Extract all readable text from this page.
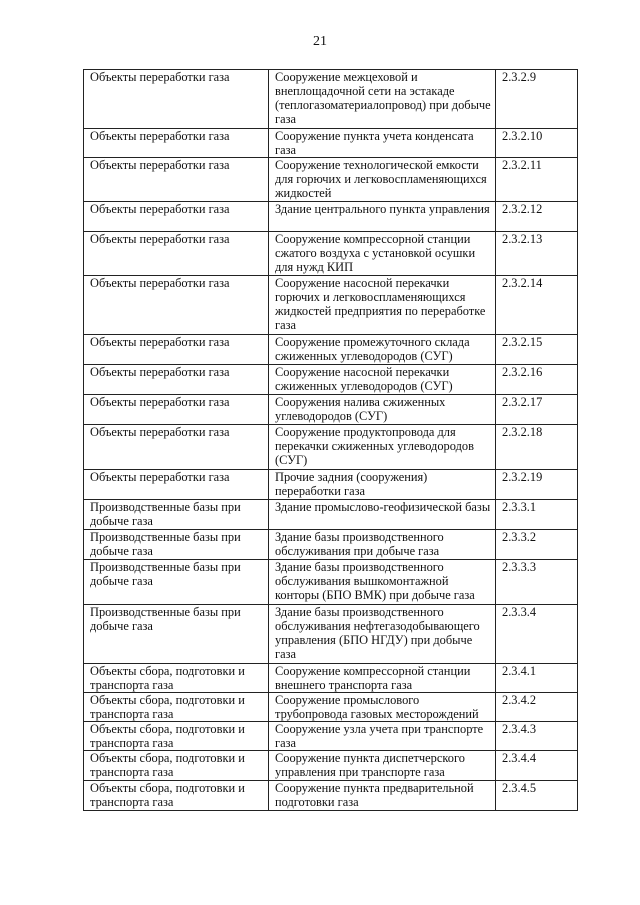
21
Объекты переработки газа	Сооружение межцеховой и внеплощадочной сети на эстакаде (теплогазоматериалопровод) при добыче газа	2.3.2.9
Объекты переработки газа	Сооружение пункта учета конденсата газа	2.3.2.10
Объекты переработки газа	Сооружение технологической емкости для горючих и легковоспламеняющихся жидкостей	2.3.2.11
Объекты переработки газа	Здание центрального пункта управления	2.3.2.12
Объекты переработки газа	Сооружение компрессорной станции сжатого воздуха с установкой осушки для нужд КИП	2.3.2.13
Объекты переработки газа	Сооружение насосной перекачки горючих и легковоспламеняющихся жидкостей предприятия по переработке газа	2.3.2.14
Объекты переработки газа	Сооружение промежуточного склада сжиженных углеводородов (СУГ)	2.3.2.15
Объекты переработки газа	Сооружение насосной перекачки сжиженных углеводородов (СУГ)	2.3.2.16
Объекты переработки газа	Сооружения налива сжиженных углеводородов (СУГ)	2.3.2.17
Объекты переработки газа	Сооружение продуктопровода для перекачки сжиженных углеводородов (СУГ)	2.3.2.18
Объекты переработки газа	Прочие задния (сооружения) переработки газа	2.3.2.19
Производственные базы при добыче газа	Здание промыслово-геофизической базы	2.3.3.1
Производственные базы при добыче газа	Здание базы производственного обслуживания при добыче газа	2.3.3.2
Производственные базы при добыче газа	Здание базы производственного обслуживания вышкомонтажной конторы (БПО ВМК) при добыче газа	2.3.3.3
Производственные базы при добыче газа	Здание базы производственного обслуживания нефтегазодобывающего управления (БПО НГДУ) при добыче газа	2.3.3.4
Объекты сбора, подготовки и транспорта газа	Сооружение компрессорной станции внешнего транспорта газа	2.3.4.1
Объекты сбора, подготовки и транспорта газа	Сооружение промыслового трубопровода газовых месторождений	2.3.4.2
Объекты сбора, подготовки и транспорта газа	Сооружение узла учета при транспорте газа	2.3.4.3
Объекты сбора, подготовки и транспорта газа	Сооружение пункта диспетчерского управления при транспорте газа	2.3.4.4
Объекты сбора, подготовки и транспорта газа	Сооружение пункта предварительной подготовки газа	2.3.4.5
